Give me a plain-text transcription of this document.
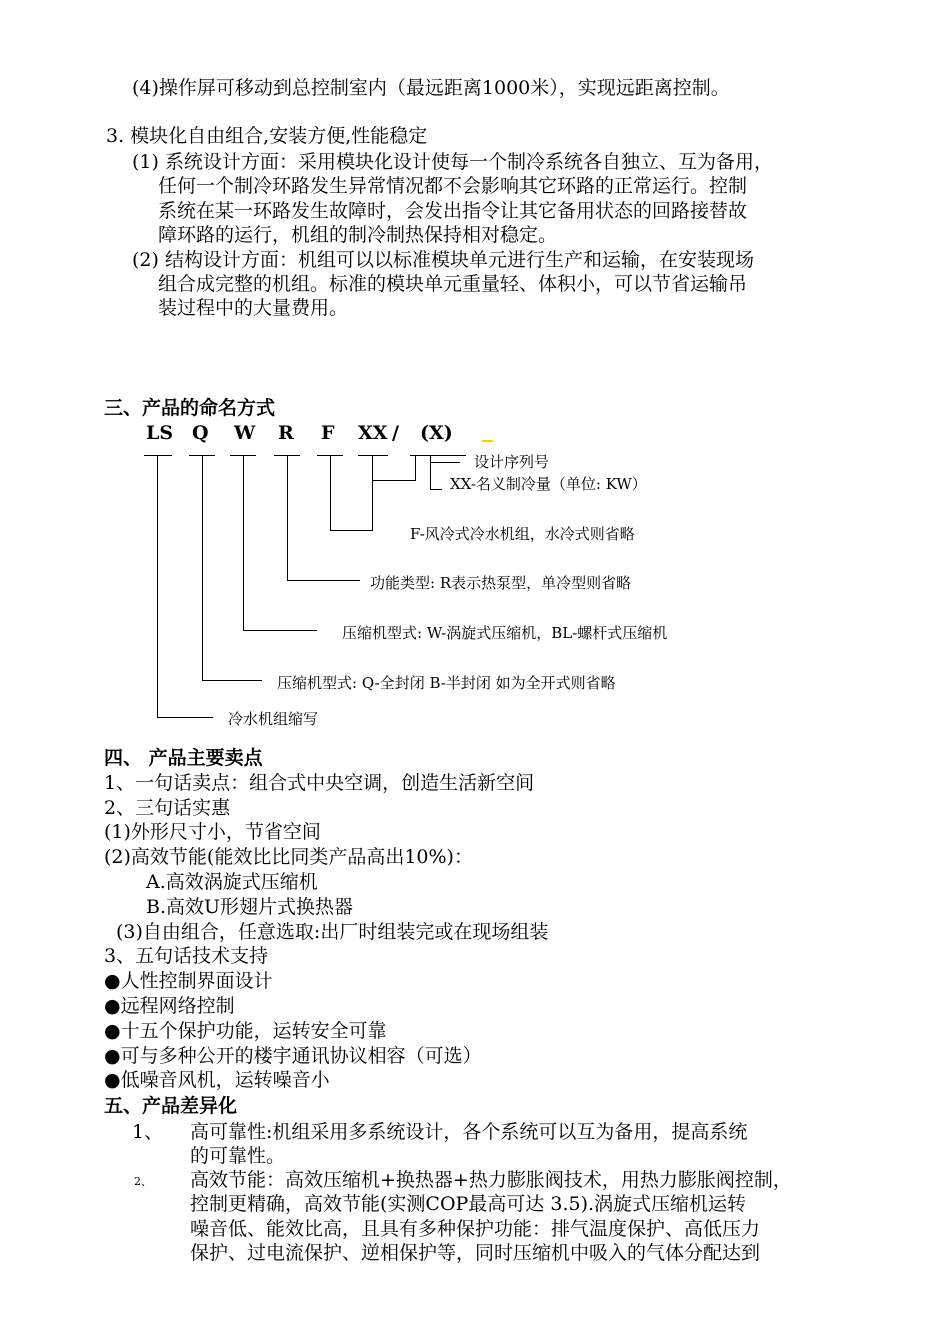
(4)操作屏可移动到总控制室内（最远距离1000米），实现远距离控制。
3. 模块化自由组合,安装方便,性能稳定
(1) 系统设计方面：采用模块化设计使每一个制冷系统各自独立、互为备用，
任何一个制冷环路发生异常情况都不会影响其它环路的正常运行。控制
系统在某一环路发生故障时，会发出指令让其它备用状态的回路接替故
障环路的运行，机组的制冷制热保持相对稳定。
(2) 结构设计方面：机组可以以标准模块单元进行生产和运输，在安装现场
组合成完整的机组。标准的模块单元重量轻、体积小，可以节省运输吊
装过程中的大量费用。
三、产品的命名方式
LS Q W R F XX / (X)
设计序列号
XX-名义制冷量（单位: KW）
F-风冷式冷水机组，水冷式则省略
功能类型: R表示热泵型，单冷型则省略
压缩机型式: W-涡旋式压缩机，BL-螺杆式压缩机
压缩机型式: Q-全封闭 B-半封闭 如为全开式则省略
冷水机组缩写
四、 产品主要卖点
1、一句话卖点：组合式中央空调，创造生活新空间
2、三句话实惠
(1)外形尺寸小，节省空间
(2)高效节能(能效比比同类产品高出10%)：
A.高效涡旋式压缩机
B.高效U形翅片式换热器
(3)自由组合，任意选取:出厂时组装完或在现场组装
3、五句话技术支持
●人性控制界面设计
●远程网络控制
●十五个保护功能，运转安全可靠
●可与多种公开的楼宇通讯协议相容（可选）
●低噪音风机，运转噪音小
五、产品差异化
1、 高可靠性:机组采用多系统设计，各个系统可以互为备用，提高系统
的可靠性。
2、 高效节能：高效压缩机+换热器+热力膨胀阀技术，用热力膨胀阀控制，
控制更精确，高效节能(实测COP最高可达 3.5).涡旋式压缩机运转
噪音低、能效比高，且具有多种保护功能：排气温度保护、高低压力
保护、过电流保护、逆相保护等，同时压缩机中吸入的气体分配达到
